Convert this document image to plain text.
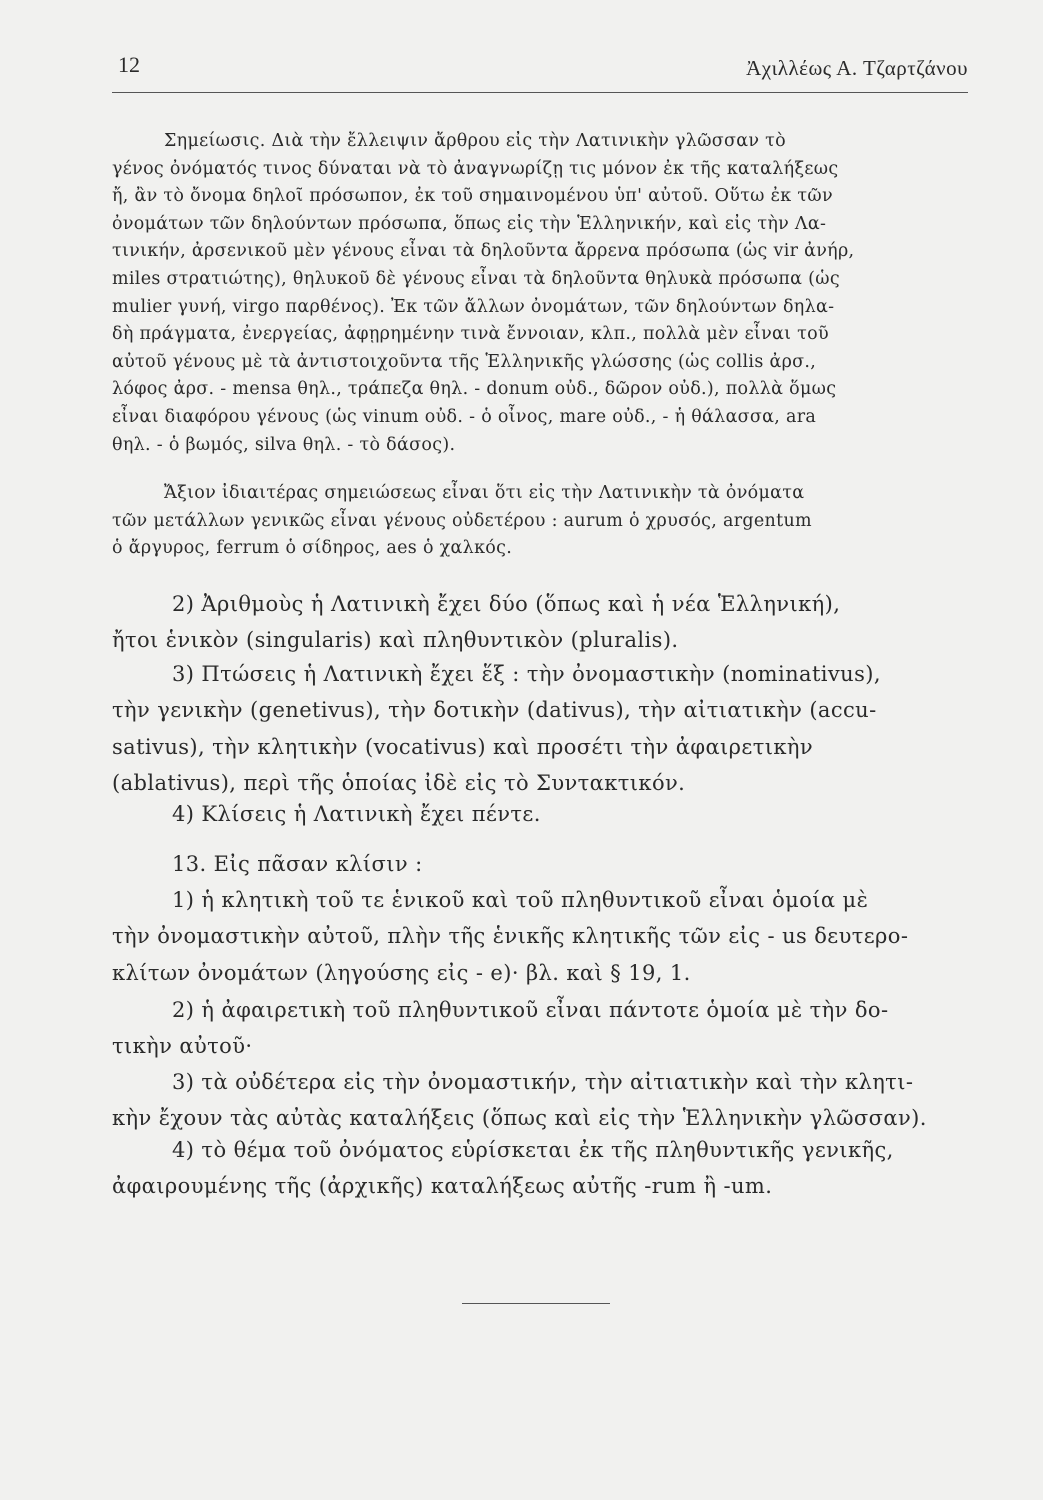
12	Ἀχιλλέως Α. Τζαρτζάνου
Σημείωσις. Διὰ τὴν ἔλλειψιν ἄρθρου εἰς τὴν Λατινικὴν γλῶσσαν τὸ
γένος ὀνόματός τινος δύναται νὰ τὸ ἀναγνωρίζῃ τις μόνον ἐκ τῆς καταλήξεως
ἤ, ἂν τὸ ὄνομα δηλοῖ πρόσωπον, ἐκ τοῦ σημαινομένου ὑπ' αὐτοῦ. Οὕτω ἐκ τῶν
ὀνομάτων τῶν δηλούντων πρόσωπα, ὅπως εἰς τὴν Ἑλληνικήν, καὶ εἰς τὴν Λα-
τινικήν, ἀρσενικοῦ μὲν γένους εἶναι τὰ δηλοῦντα ἄρρενα πρόσωπα (ὡς vir ἀνήρ,
miles στρατιώτης), θηλυκοῦ δὲ γένους εἶναι τὰ δηλοῦντα θηλυκὰ πρόσωπα (ὡς
mulier γυνή, virgo παρθένος). Ἐκ τῶν ἄλλων ὀνομάτων, τῶν δηλούντων δηλα-
δὴ πράγματα, ἐνεργείας, ἀφῃρημένην τινὰ ἔννοιαν, κλπ., πολλὰ μὲν εἶναι τοῦ
αὐτοῦ γένους μὲ τὰ ἀντιστοιχοῦντα τῆς Ἑλληνικῆς γλώσσης (ὡς collis ἀρσ.,
λόφος ἀρσ. - mensa θηλ., τράπεζα θηλ. - donum οὐδ., δῶρον οὐδ.), πολλὰ ὅμως
εἶναι διαφόρου γένους (ὡς vinum οὐδ. - ὁ οἶνος, mare οὐδ., - ἡ θάλασσα, ara
θηλ. - ὁ βωμός, silva θηλ. - τὸ δάσος).
Ἄξιον ἰδιαιτέρας σημειώσεως εἶναι ὅτι εἰς τὴν Λατινικὴν τὰ ὀνόματα
τῶν μετάλλων γενικῶς εἶναι γένους οὐδετέρου : aurum ὁ χρυσός, argentum
ὁ ἄργυρος, ferrum ὁ σίδηρος, aes ὁ χαλκός.
2) Ἀριθμοὺς ἡ Λατινικὴ ἔχει δύο (ὅπως καὶ ἡ νέα Ἑλληνική),
ἤτοι ἑνικὸν (singularis) καὶ πληθυντικὸν (pluralis).
3) Πτώσεις ἡ Λατινικὴ ἔχει ἕξ : τὴν ὀνομαστικὴν (nominativus),
τὴν γενικὴν (genetivus), τὴν δοτικὴν (dativus), τὴν αἰτιατικὴν (accu-
sativus), τὴν κλητικὴν (vocativus) καὶ προσέτι τὴν ἀφαιρετικὴν
(ablativus), περὶ τῆς ὁποίας ἰδὲ εἰς τὸ Συντακτικόν.
4) Κλίσεις ἡ Λατινικὴ ἔχει πέντε.
13. Εἰς πᾶσαν κλίσιν :
1) ἡ κλητικὴ τοῦ τε ἑνικοῦ καὶ τοῦ πληθυντικοῦ εἶναι ὁμοία μὲ
τὴν ὀνομαστικὴν αὐτοῦ, πλὴν τῆς ἑνικῆς κλητικῆς τῶν εἰς - us δευτερο-
κλίτων ὀνομάτων (ληγούσης εἰς - e)· βλ. καὶ § 19, 1.
2) ἡ ἀφαιρετικὴ τοῦ πληθυντικοῦ εἶναι πάντοτε ὁμοία μὲ τὴν δο-
τικὴν αὐτοῦ·
3) τὰ οὐδέτερα εἰς τὴν ὀνομαστικήν, τὴν αἰτιατικὴν καὶ τὴν κλητι-
κὴν ἔχουν τὰς αὐτὰς καταλήξεις (ὅπως καὶ εἰς τὴν Ἑλληνικὴν γλῶσσαν).
4) τὸ θέμα τοῦ ὀνόματος εὑρίσκεται ἐκ τῆς πληθυντικῆς γενικῆς,
ἀφαιρουμένης τῆς (ἀρχικῆς) καταλήξεως αὐτῆς -rum ἢ -um.
